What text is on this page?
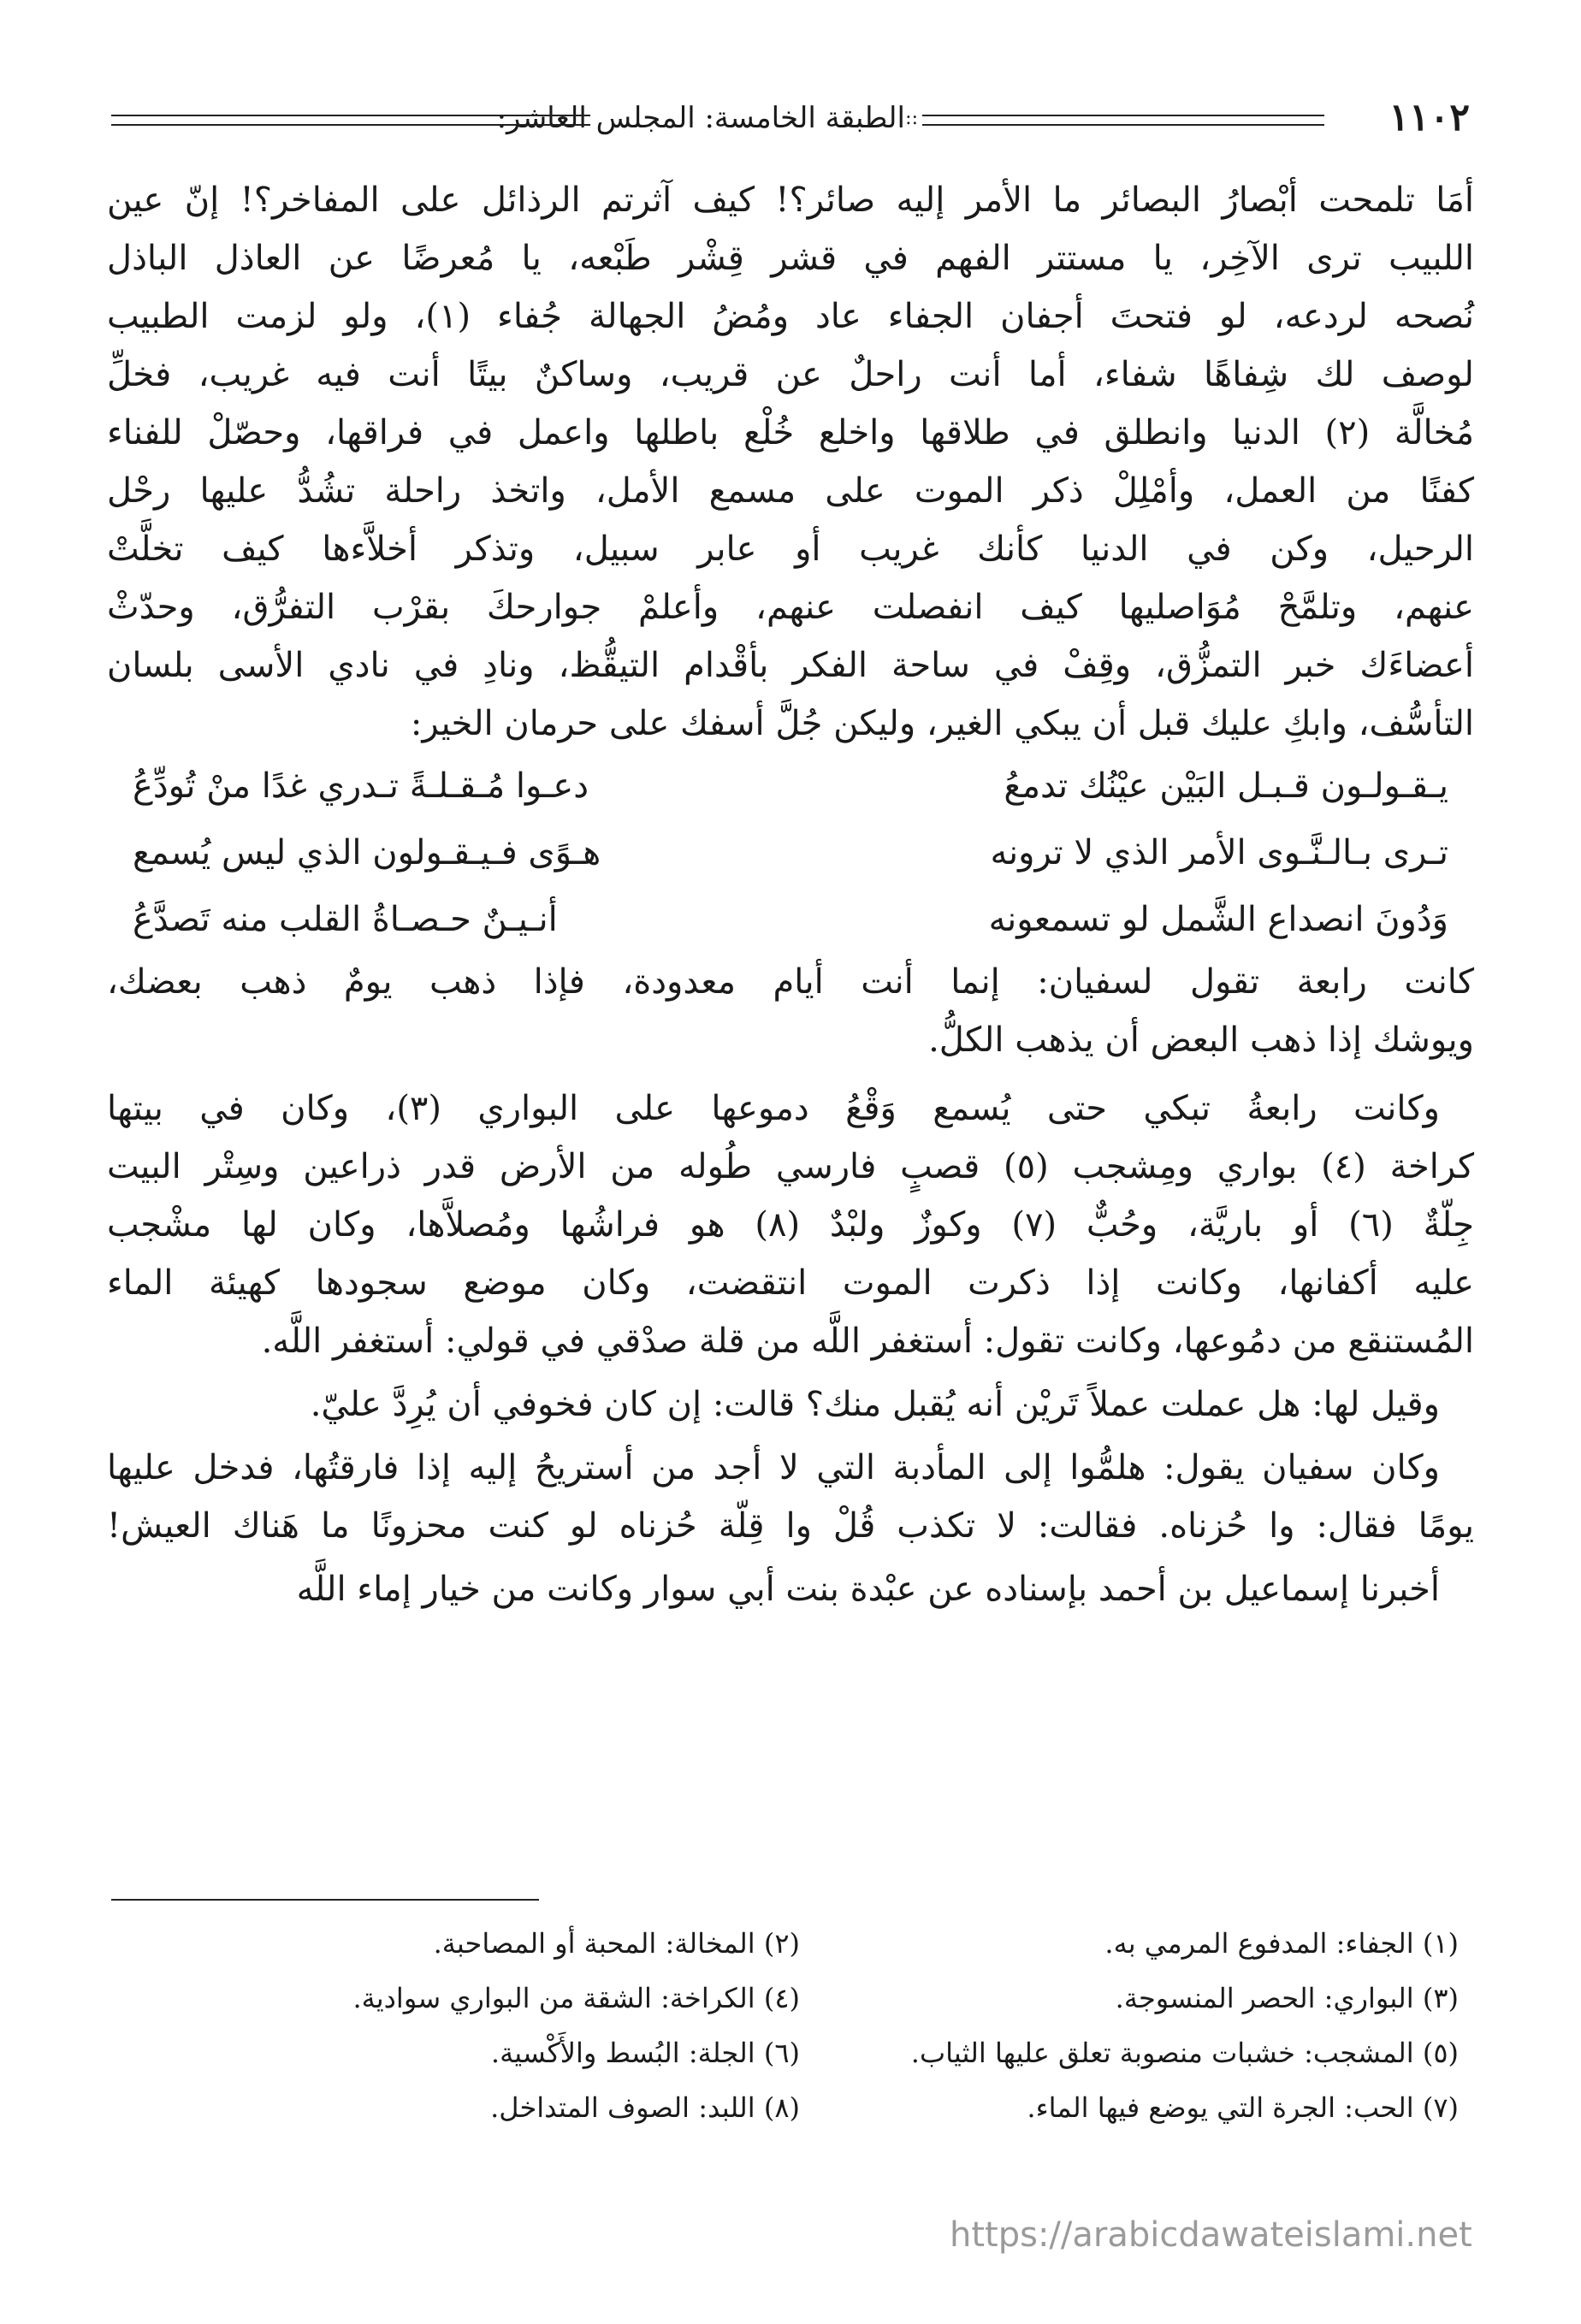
١١٠٢
::
الطبقة الخامسة: المجلس العاشر:
أمَا تلمحت أبْصارُ البصائر ما الأمر إليه صائر؟! كيف آثرتم الرذائل على المفاخر؟! إنّ عين
اللبيب ترى الآخِر، يا مستتر الفهم في قشر قِشْر طَبْعه، يا مُعرضًا عن العاذل الباذل
نُصحه لردعه، لو فتحتَ أجفان الجفاء عاد ومُضُ الجهالة جُفاء (١)، ولو لزمت الطبيب
لوصف لك شِفاهًا شفاء، أما أنت راحلٌ عن قريب، وساكنٌ بيتًا أنت فيه غريب، فخلِّ
مُخالَّة (٢) الدنيا وانطلق في طلاقها واخلع خُلْع باطلها واعمل في فراقها، وحصّلْ للفناء
كفنًا من العمل، وأمْلِلْ ذكر الموت على مسمع الأمل، واتخذ راحلة تشُدُّ عليها رحْل
الرحيل، وكن في الدنيا كأنك غريب أو عابر سبيل، وتذكر أخلاَّءها كيف تخلَّتْ
عنهم، وتلمَّحْ مُوَاصليها كيف انفصلت عنهم، وأعلمْ جوارحكَ بقرْب التفرُّق، وحدّثْ
أعضاءَك خبر التمزُّق، وقِفْ في ساحة الفكر بأقْدام التيقُّظ، ونادِ في نادي الأسى بلسان
التأسُّف، وابكِ عليك قبل أن يبكي الغير، وليكن جُلَّ أسفك على حرمان الخير:
يـقـولـون قـبـل البَيْن عيْنُك تدمعُ
دعـوا مُـقـلـةً تـدري غدًا منْ تُودِّعُ
تـرى بـالـنَّـوى الأمر الذي لا ترونه
هـوًى فـيـقـولون الذي ليس يُسمع
وَدُونَ انصداع الشَّمل لو تسمعونه
أنـيـنٌ حـصـاةُ القلب منه تَصدَّعُ
كانت رابعة تقول لسفيان: إنما أنت أيام معدودة، فإذا ذهب يومٌ ذهب بعضك،
ويوشك إذا ذهب البعض أن يذهب الكلُّ.
وكانت رابعةُ تبكي حتى يُسمع وَقْعُ دموعها على البواري (٣)، وكان في بيتها
كراخة (٤) بواري ومِشجب (٥) قصبٍ فارسي طُوله من الأرض قدر ذراعين وسِتْر البيت
جِلّةٌ (٦) أو باريَّة، وحُبٌّ (٧) وكوزٌ ولبْدٌ (٨) هو فراشُها ومُصلاَّها، وكان لها مشْجب
عليه أكفانها، وكانت إذا ذكرت الموت انتقضت، وكان موضع سجودها كهيئة الماء
المُستنقع من دمُوعها، وكانت تقول: أستغفر اللَّه من قلة صدْقي في قولي: أستغفر اللَّه.
وقيل لها: هل عملت عملاً تَريْن أنه يُقبل منك؟ قالت: إن كان فخوفي أن يُرِدَّ عليّ.
وكان سفيان يقول: هلمُّوا إلى المأدبة التي لا أجد من أستريحُ إليه إذا فارقتُها، فدخل عليها
يومًا فقال: وا حُزناه. فقالت: لا تكذب قُلْ وا قِلّة حُزناه لو كنت محزونًا ما هَناك العيش!
أخبرنا إسماعيل بن أحمد بإسناده عن عبْدة بنت أبي سوار وكانت من خيار إماء اللَّه
(١) الجفاء: المدفوع المرمي به.
(٢) المخالة: المحبة أو المصاحبة.
(٣) البواري: الحصر المنسوجة.
(٤) الكراخة: الشقة من البواري سوادية.
(٥) المشجب: خشبات منصوبة تعلق عليها الثياب.
(٦) الجلة: البُسط والأَكْسية.
(٧) الحب: الجرة التي يوضع فيها الماء.
(٨) اللبد: الصوف المتداخل.
https://arabicdawateislami.net
